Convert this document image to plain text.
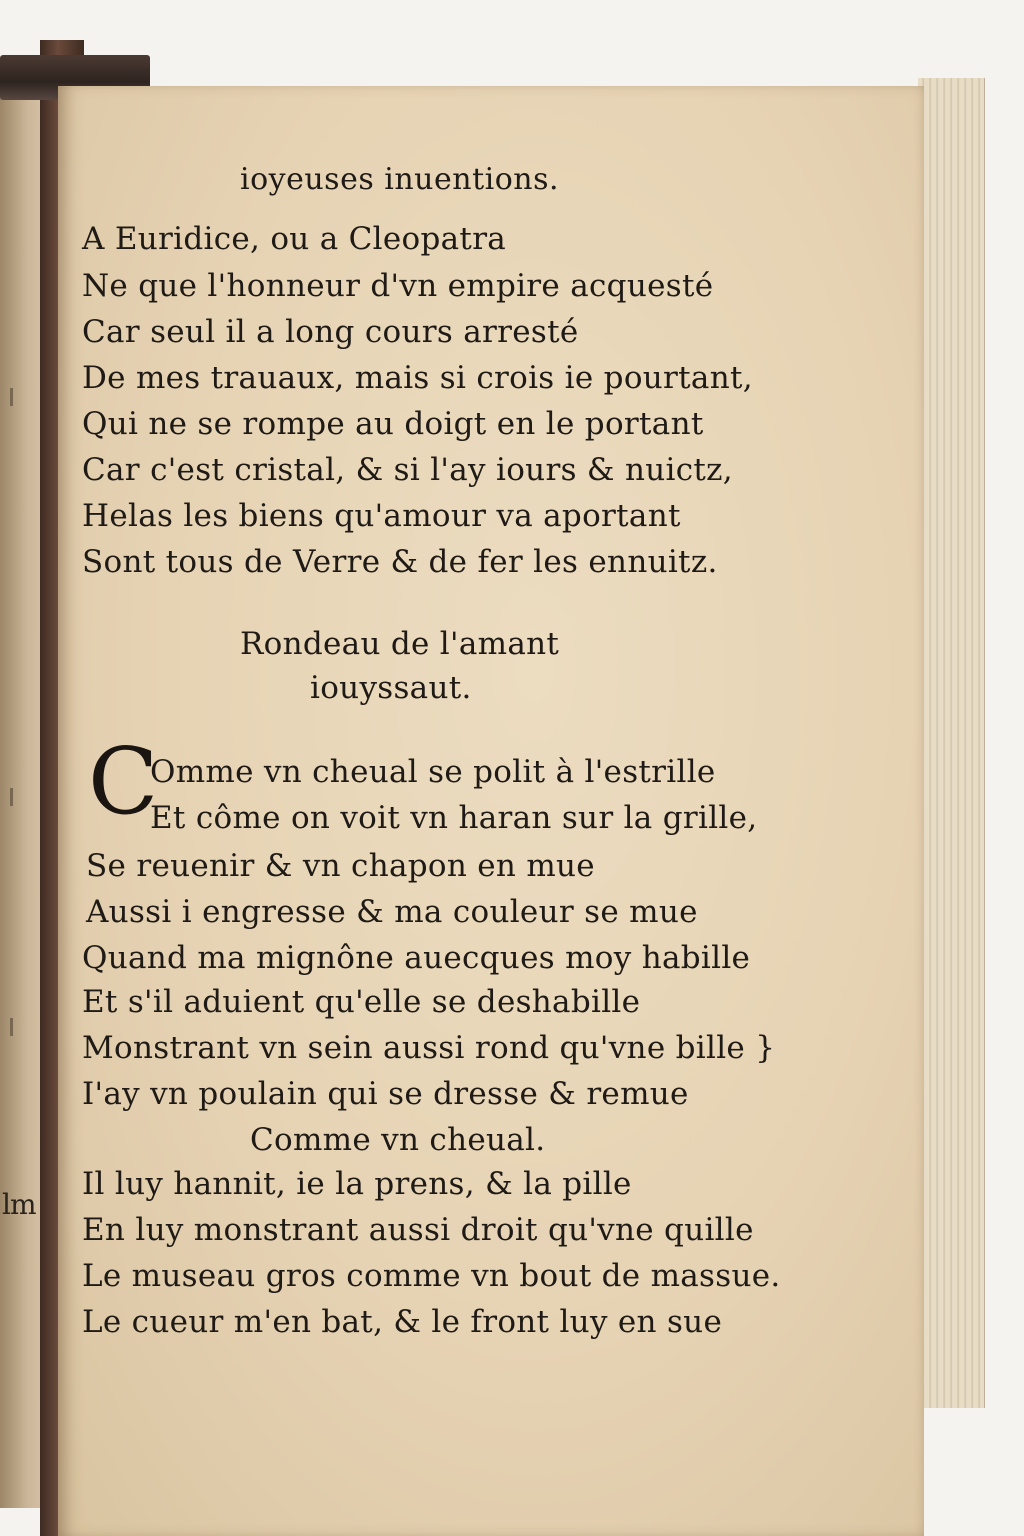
lm
ioyeuses inuentions.
A Euridice, ou a Cleopatra
Ne que l'honneur d'vn empire acquesté
Car seul il a long cours arresté
De mes trauaux, mais si crois ie pourtant,
Qui ne se rompe au doigt en le portant
Car c'est cristal, & si l'ay iours & nuictz,
Helas les biens qu'amour va aportant
Sont tous de Verre & de fer les ennuitz.
Rondeau de l'amant
iouyssaut.
C
Omme vn cheual se polit à l'estrille
Et côme on voit vn haran sur la grille,
Se reuenir & vn chapon en mue
Aussi i engresse & ma couleur se mue
Quand ma mignône auecques moy habille
Et s'il aduient qu'elle se deshabille
Monstrant vn sein aussi rond qu'vne bille }
I'ay vn poulain qui se dresse & remue
Comme vn cheual.
Il luy hannit, ie la prens, & la pille
En luy monstrant aussi droit qu'vne quille
Le museau gros comme vn bout de massue.
Le cueur m'en bat, & le front luy en sue
